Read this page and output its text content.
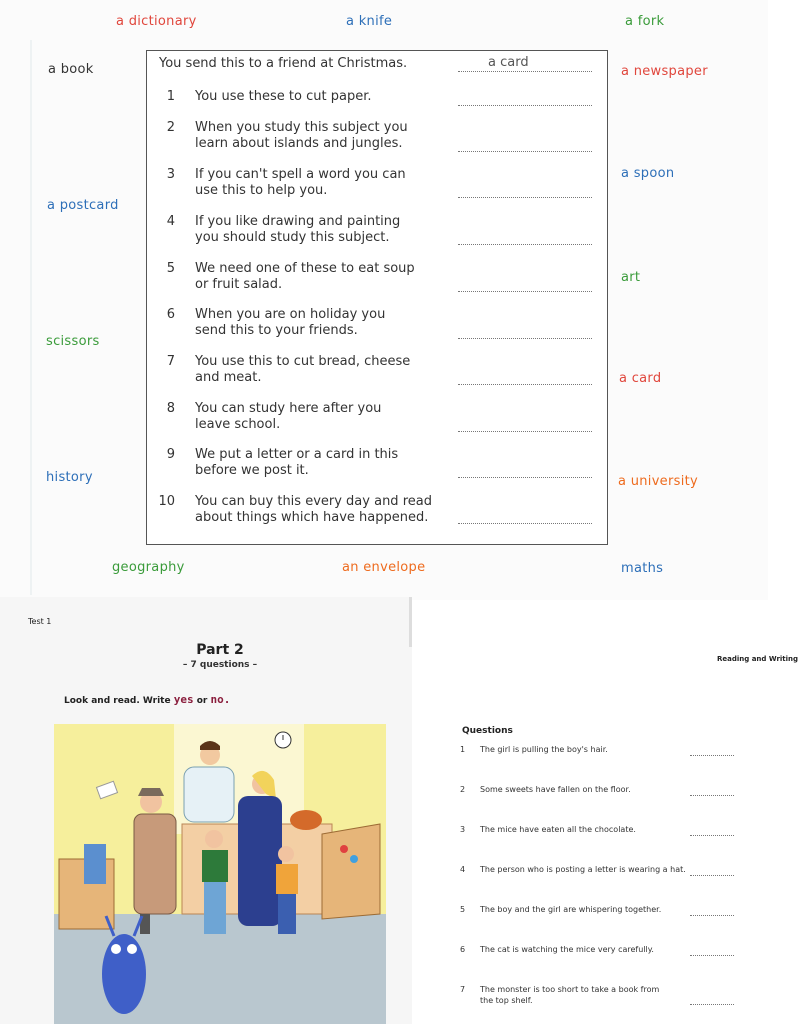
a dictionary	a knife	a fork
a book	a newspaper
a spoon
a postcard
art
scissors
a card
history	a university
geography	an envelope	maths
You send this to a friend at Christmas.	a card
1 You use these to cut paper.
2 When you study this subject you
learn about islands and jungles.
3 If you can't spell a word you can
use this to help you.
4 If you like drawing and painting
you should study this subject.
5 We need one of these to eat soup
or fruit salad.
6 When you are on holiday you
send this to your friends.
7 You use this to cut bread, cheese
and meat.
8 You can study here after you
leave school.
9 We put a letter or a card in this
before we post it.
10 You can buy this every day and read
about things which have happened.
Test 1
Part 2
– 7 questions –
Look and read. Write yes or no.
Reading and Writing
Questions
1 The girl is pulling the boy's hair.
2 Some sweets have fallen on the floor.
3 The mice have eaten all the chocolate.
4 The person who is posting a letter is wearing a hat.
5 The boy and the girl are whispering together.
6 The cat is watching the mice very carefully.
7 The monster is too short to take a book from
the top shelf.
